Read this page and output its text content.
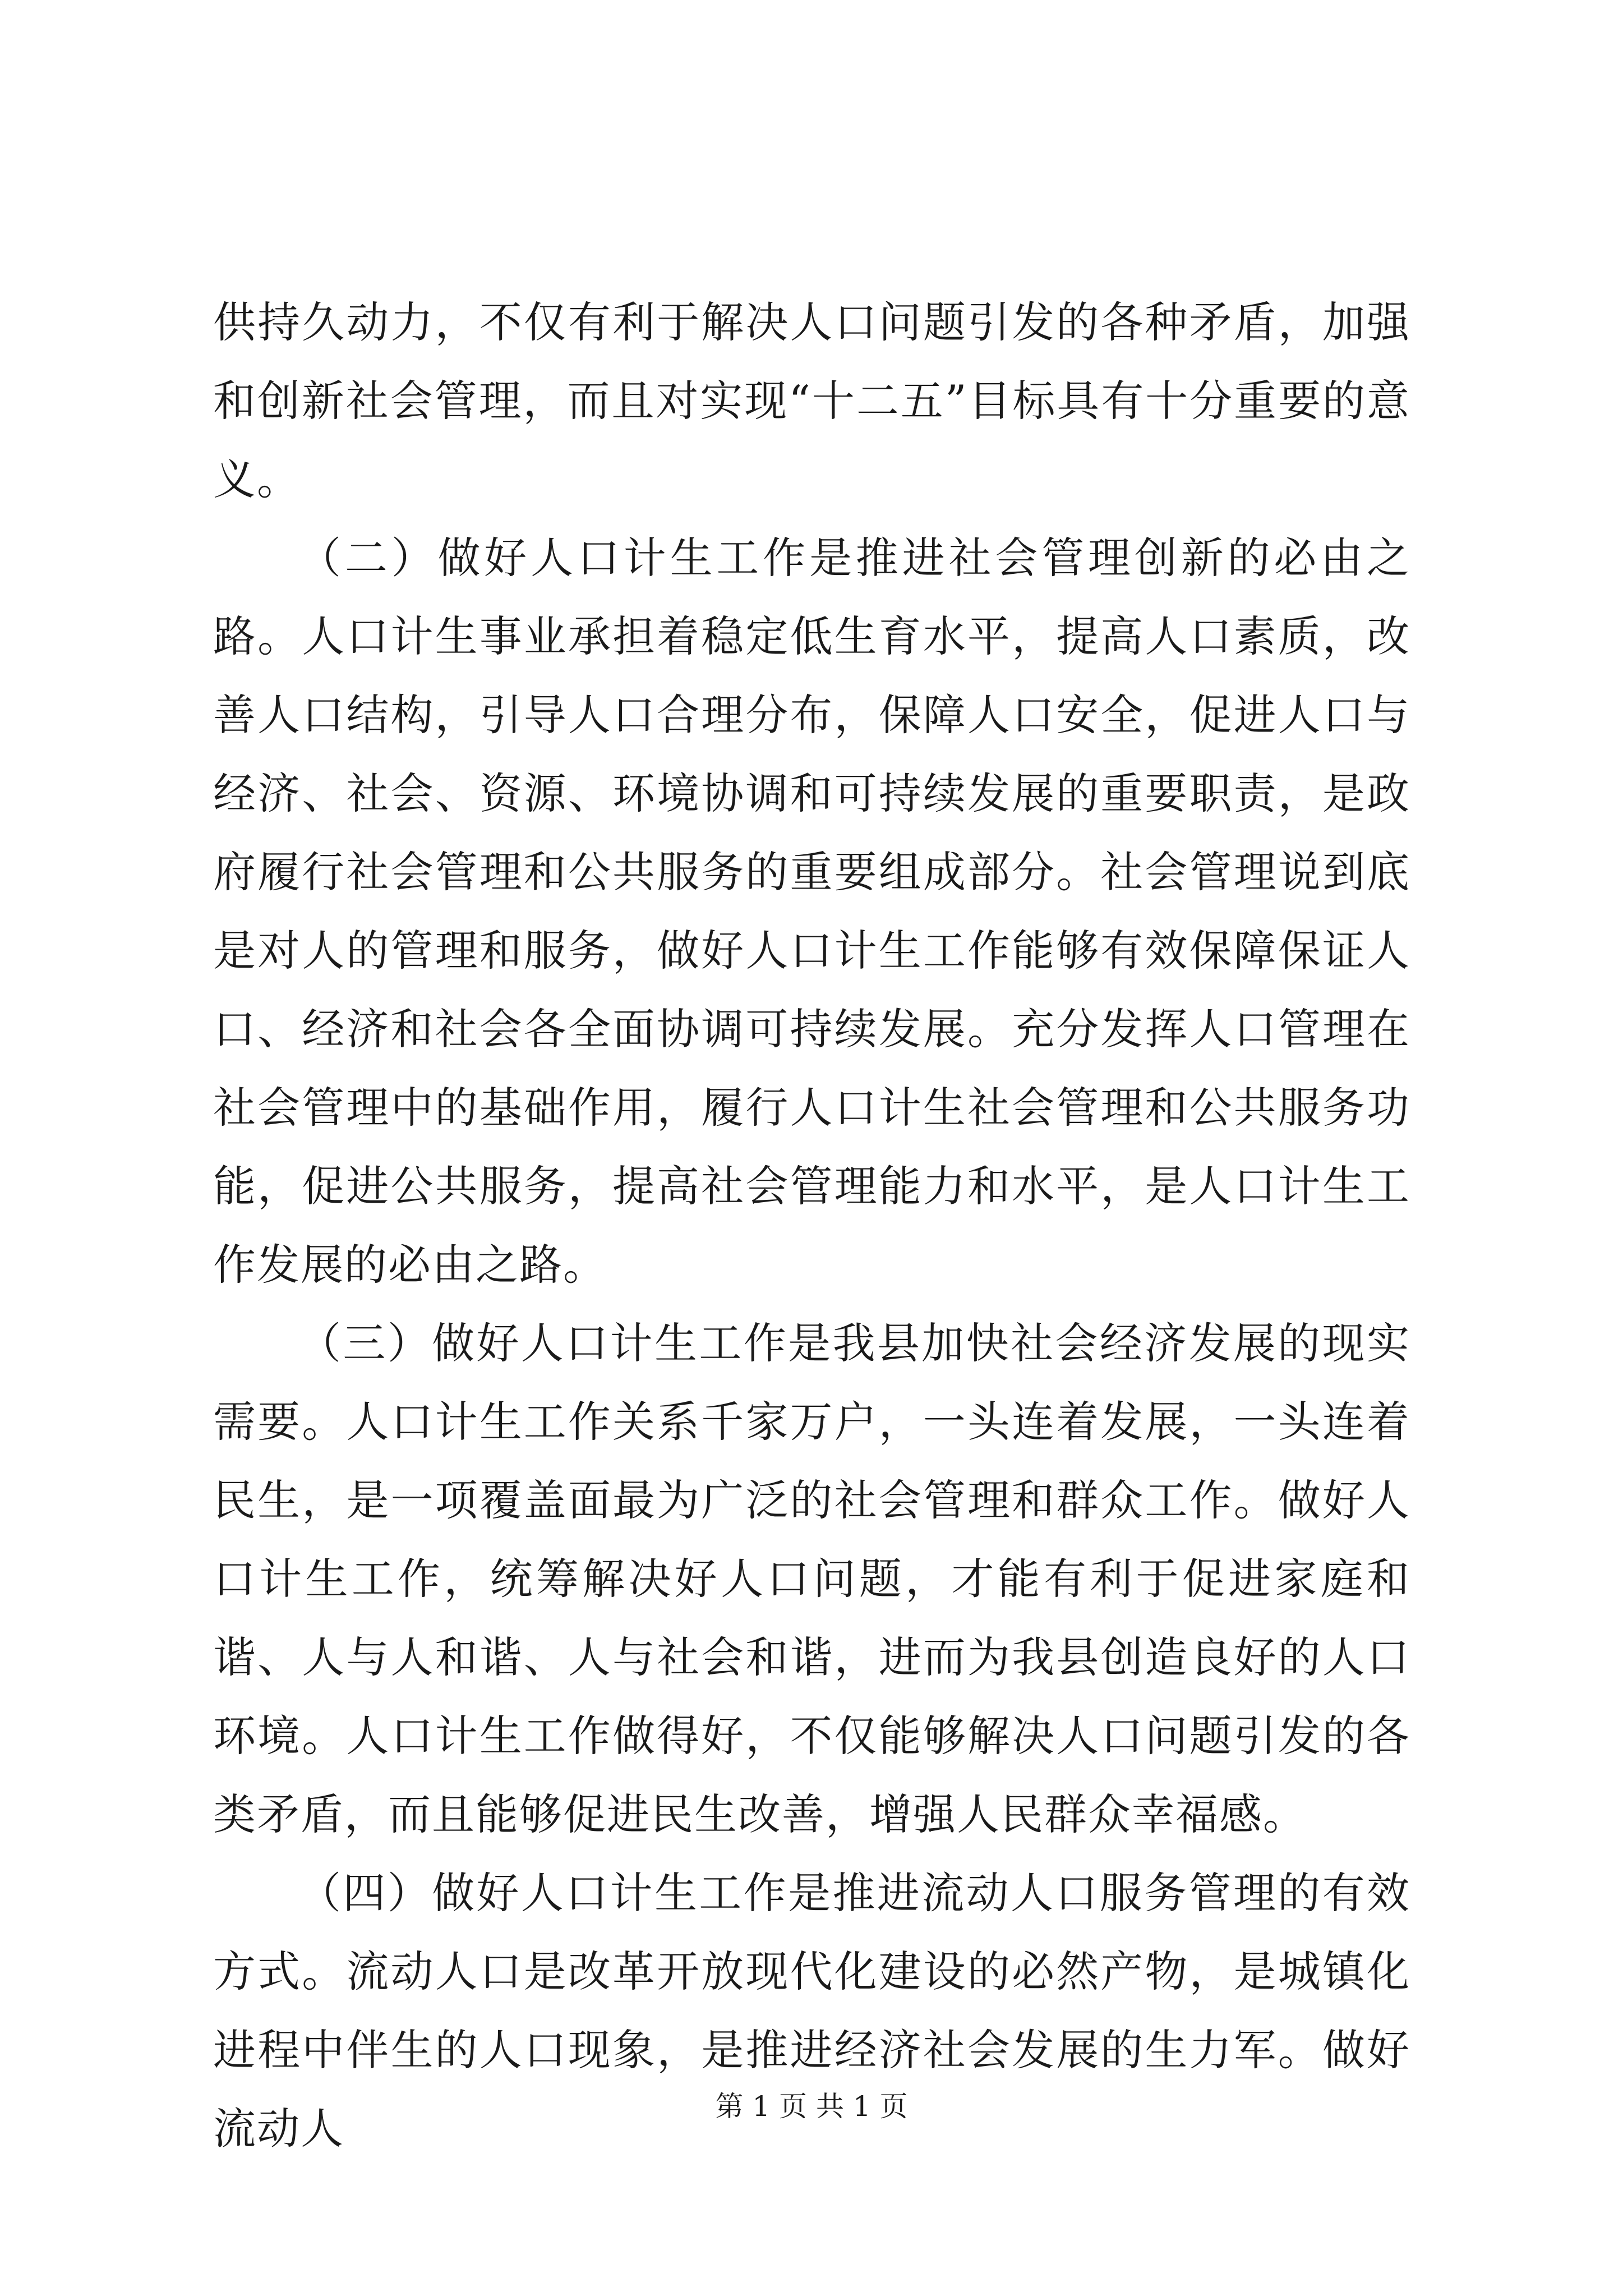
供持久动力，不仅有利于解决人口问题引发的各种矛盾，加强和创新社会管理，而且对实现“十二五”目标具有十分重要的意义。

（二）做好人口计生工作是推进社会管理创新的必由之路。人口计生事业承担着稳定低生育水平，提高人口素质，改善人口结构，引导人口合理分布，保障人口安全，促进人口与经济、社会、资源、环境协调和可持续发展的重要职责，是政府履行社会管理和公共服务的重要组成部分。社会管理说到底是对人的管理和服务，做好人口计生工作能够有效保障保证人口、经济和社会各全面协调可持续发展。充分发挥人口管理在社会管理中的基础作用，履行人口计生社会管理和公共服务功能，促进公共服务，提高社会管理能力和水平，是人口计生工作发展的必由之路。

（三）做好人口计生工作是我县加快社会经济发展的现实需要。人口计生工作关系千家万户，一头连着发展，一头连着民生，是一项覆盖面最为广泛的社会管理和群众工作。做好人口计生工作，统筹解决好人口问题，才能有利于促进家庭和谐、人与人和谐、人与社会和谐，进而为我县创造良好的人口环境。人口计生工作做得好，不仅能够解决人口问题引发的各类矛盾，而且能够促进民生改善，增强人民群众幸福感。

（四）做好人口计生工作是推进流动人口服务管理的有效方式。流动人口是改革开放现代化建设的必然产物，是城镇化进程中伴生的人口现象，是推进经济社会发展的生力军。做好流动人	第 1 页 共 1 页
